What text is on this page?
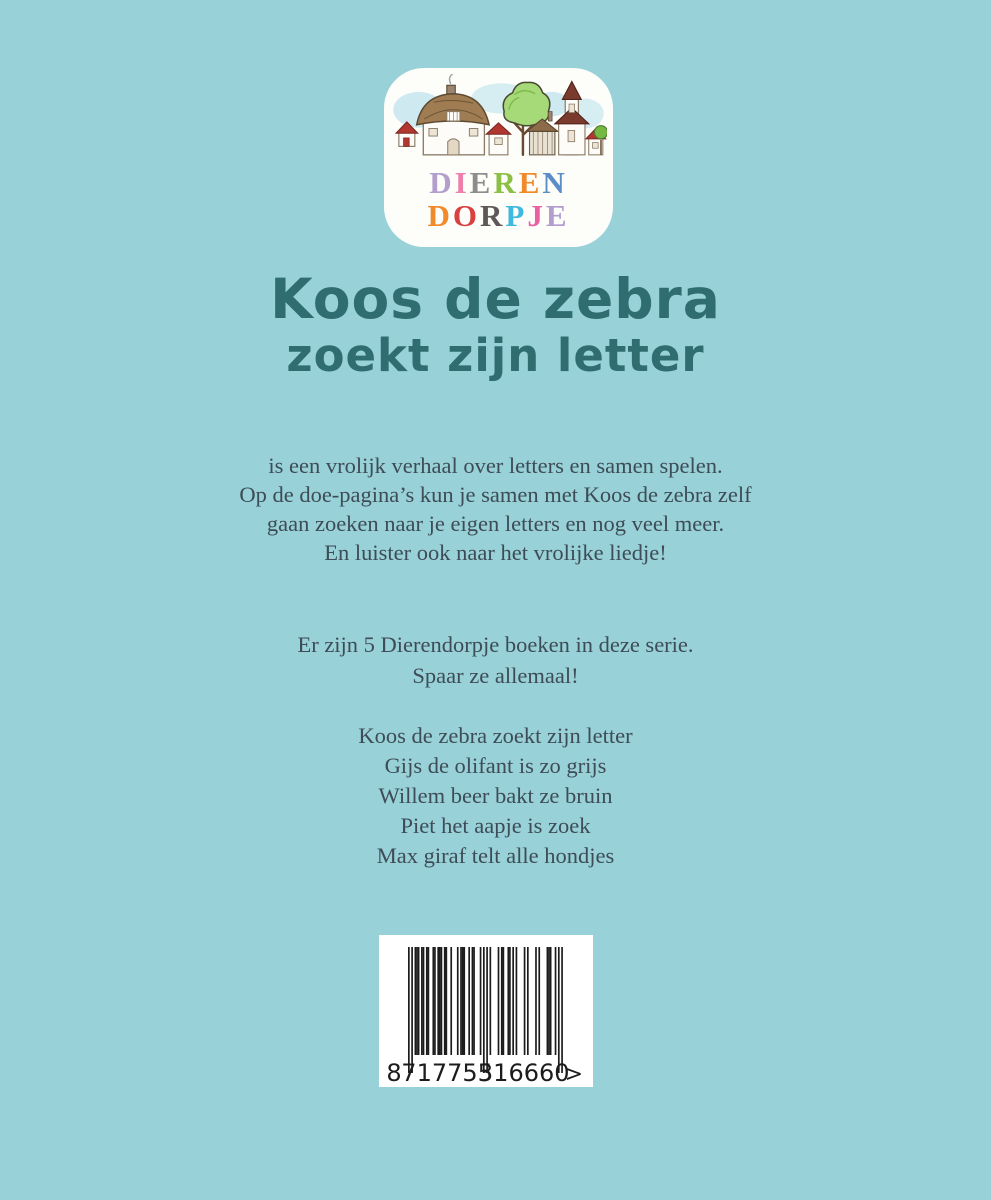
DIEREN
DORPJE
Koos de zebra
zoekt zijn letter
is een vrolijk verhaal over letters en samen spelen.
Op de doe-pagina’s kun je samen met Koos de zebra zelf
gaan zoeken naar je eigen letters en nog veel meer.
En luister ook naar het vrolijke liedje!
Er zijn 5 Dierendorpje boeken in deze serie.
Spaar ze allemaal!
Koos de zebra zoekt zijn letter
Gijs de olifant is zo grijs
Willem beer bakt ze bruin
Piet het aapje is zoek
Max giraf telt alle hondjes
8 717755
316660
>
